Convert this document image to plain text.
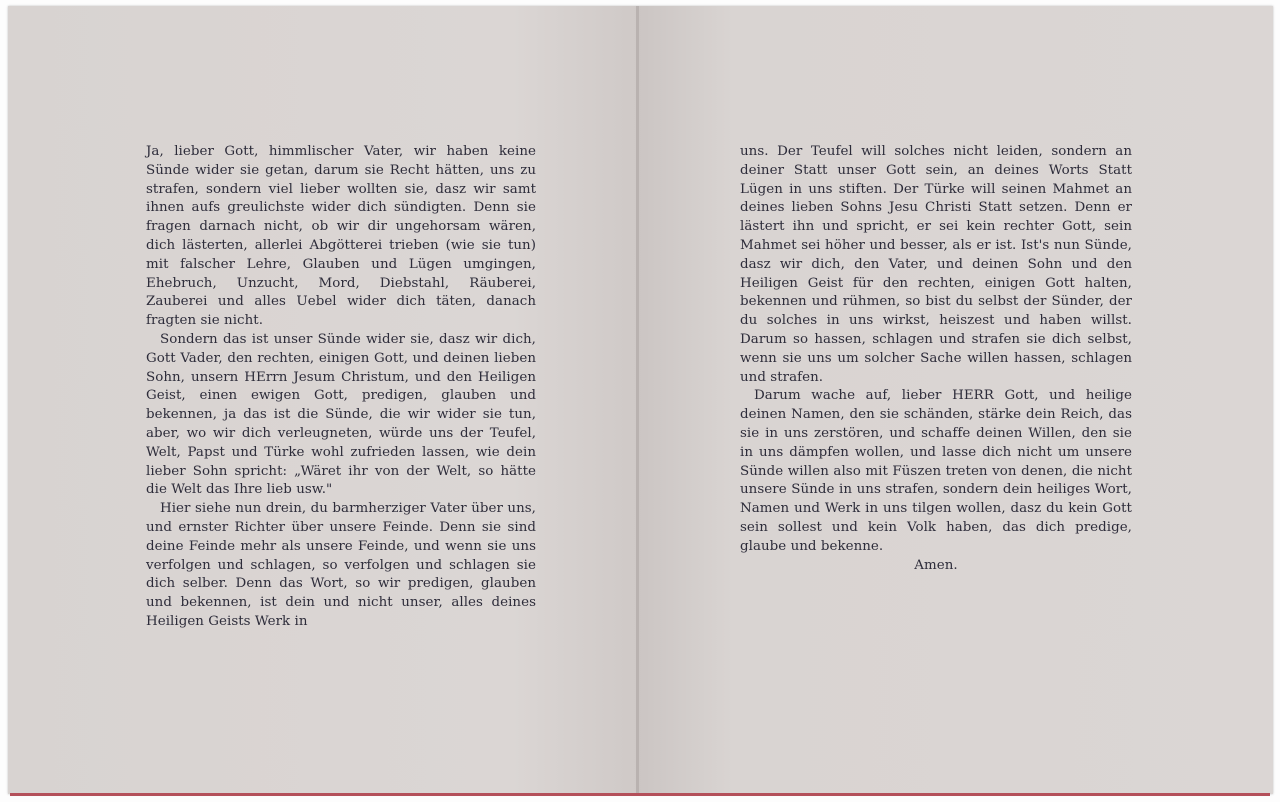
Ja, lieber Gott, himmlischer Vater, wir haben keine Sünde wider sie getan, darum sie Recht hätten, uns zu strafen, sondern viel lieber wollten sie, dasz wir samt ihnen aufs greulichste wider dich sündigten. Denn sie fragen darnach nicht, ob wir dir ungehorsam wären, dich lästerten, allerlei Abgötterei trieben (wie sie tun) mit falscher Lehre, Glauben und Lügen umgingen, Ehebruch, Unzucht, Mord, Diebstahl, Räuberei, Zauberei und alles Uebel wider dich täten, danach fragten sie nicht.

Sondern das ist unser Sünde wider sie, dasz wir dich, Gott Vader, den rechten, einigen Gott, und deinen lieben Sohn, unsern HErrn Jesum Christum, und den Heiligen Geist, einen ewigen Gott, predigen, glauben und bekennen, ja das ist die Sünde, die wir wider sie tun, aber, wo wir dich verleugneten, würde uns der Teufel, Welt, Papst und Türke wohl zufrieden lassen, wie dein lieber Sohn spricht: „Wäret ihr von der Welt, so hätte die Welt das Ihre lieb usw."

Hier siehe nun drein, du barmherziger Vater über uns, und ernster Richter über unsere Feinde. Denn sie sind deine Feinde mehr als unsere Feinde, und wenn sie uns verfolgen und schlagen, so verfolgen und schlagen sie dich selber. Denn das Wort, so wir predigen, glauben und bekennen, ist dein und nicht unser, alles deines Heiligen Geists Werk in

uns. Der Teufel will solches nicht leiden, sondern an deiner Statt unser Gott sein, an deines Worts Statt Lügen in uns stiften. Der Türke will seinen Mahmet an deines lieben Sohns Jesu Christi Statt setzen. Denn er lästert ihn und spricht, er sei kein rechter Gott, sein Mahmet sei höher und besser, als er ist. Ist's nun Sünde, dasz wir dich, den Vater, und deinen Sohn und den Heiligen Geist für den rechten, einigen Gott halten, bekennen und rühmen, so bist du selbst der Sünder, der du solches in uns wirkst, heiszest und haben willst. Darum so hassen, schlagen und strafen sie dich selbst, wenn sie uns um solcher Sache willen hassen, schlagen und strafen.

Darum wache auf, lieber HERR Gott, und heilige deinen Namen, den sie schänden, stärke dein Reich, das sie in uns zerstören, und schaffe deinen Willen, den sie in uns dämpfen wollen, und lasse dich nicht um unsere Sünde willen also mit Füszen treten von denen, die nicht unsere Sünde in uns strafen, sondern dein heiliges Wort, Namen und Werk in uns tilgen wollen, dasz du kein Gott sein sollest und kein Volk haben, das dich predige, glaube und bekenne.

Amen.
